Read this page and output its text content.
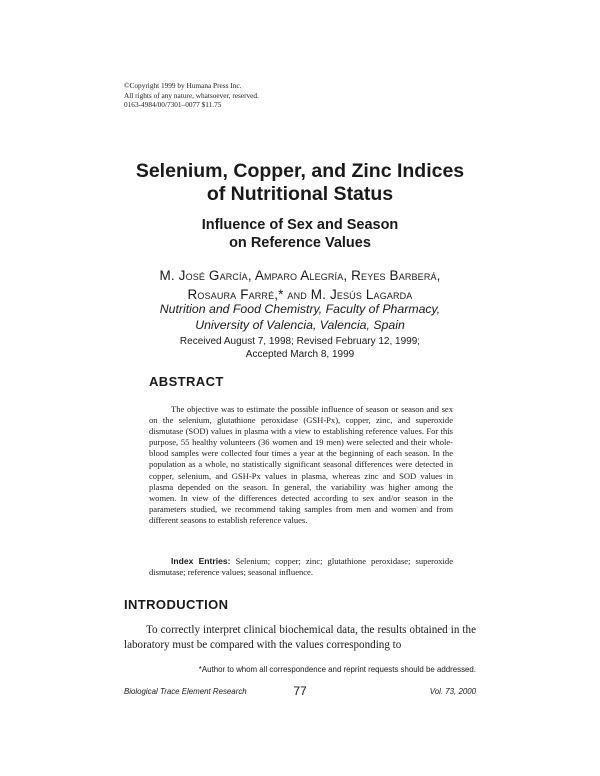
©Copyright 1999 by Humana Press Inc.
All rights of any nature, whatsoever, reserved.
0163-4984/00/7301–0077 $11.75
Selenium, Copper, and Zinc Indices
of Nutritional Status
Influence of Sex and Season
on Reference Values
M. José García, Amparo Alegría, Reyes Barberá,
Rosaura Farré,* and M. Jesús Lagarda
Nutrition and Food Chemistry, Faculty of Pharmacy,
University of Valencia, Valencia, Spain
Received August 7, 1998; Revised February 12, 1999;
Accepted March 8, 1999
ABSTRACT

The objective was to estimate the possible influence of season or season and sex on the selenium, glutathione peroxidase (GSH-Px), copper, zinc, and superoxide dismutase (SOD) values in plasma with a view to establishing reference values. For this purpose, 55 healthy volunteers (36 women and 19 men) were selected and their whole-blood samples were collected four times a year at the beginning of each season. In the population as a whole, no statistically significant seasonal differences were detected in copper, selenium, and GSH-Px values in plasma, whereas zinc and SOD values in plasma depended on the season. In general, the variability was higher among the women. In view of the differences detected according to sex and/or season in the parameters studied, we recommend taking samples from men and women and from different seasons to establish reference values.

Index Entries: Selenium; copper; zinc; glutathione peroxidase; superoxide dismutase; reference values; seasonal influence.
INTRODUCTION

To correctly interpret clinical biochemical data, the results obtained in the laboratory must be compared with the values corresponding to

*Author to whom all correspondence and reprint requests should be addressed.
Biological Trace Element Research	77	Vol. 73, 2000
